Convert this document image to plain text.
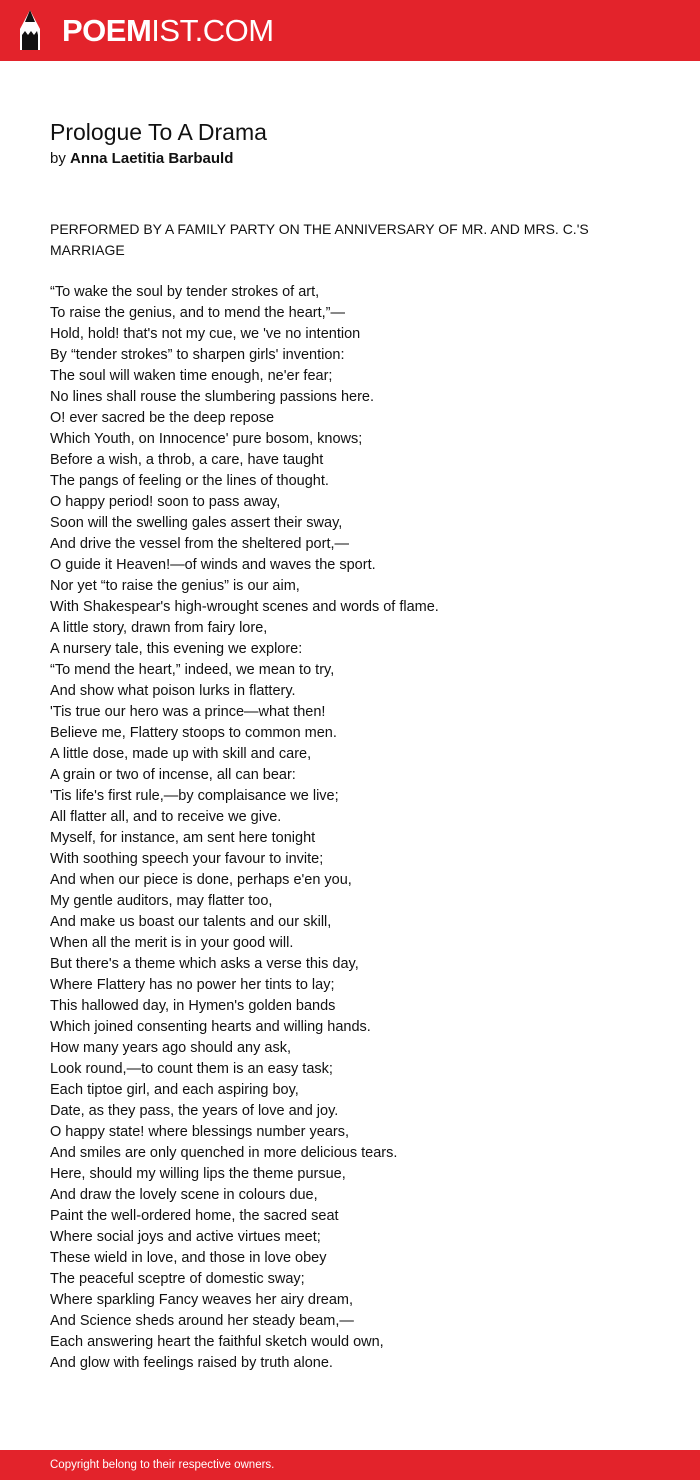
POEMIST.COM
Prologue To A Drama
by Anna Laetitia Barbauld

PERFORMED BY A FAMILY PARTY ON THE ANNIVERSARY OF MR. AND MRS. C.'S MARRIAGE

“To wake the soul by tender strokes of art,
To raise the genius, and to mend the heart,”—
Hold, hold! that's not my cue, we 've no intention
By “tender strokes” to sharpen girls' invention:
The soul will waken time enough, ne'er fear;
No lines shall rouse the slumbering passions here.
O! ever sacred be the deep repose
Which Youth, on Innocence' pure bosom, knows;
Before a wish, a throb, a care, have taught
The pangs of feeling or the lines of thought.
O happy period! soon to pass away,
Soon will the swelling gales assert their sway,
And drive the vessel from the sheltered port,—
O guide it Heaven!—of winds and waves the sport.
Nor yet “to raise the genius” is our aim,
With Shakespear's high-wrought scenes and words of flame.
A little story, drawn from fairy lore,
A nursery tale, this evening we explore:
“To mend the heart,” indeed, we mean to try,
And show what poison lurks in flattery.
'Tis true our hero was a prince—what then!
Believe me, Flattery stoops to common men.
A little dose, made up with skill and care,
A grain or two of incense, all can bear:
'Tis life's first rule,—by complaisance we live;
All flatter all, and to receive we give.
Myself, for instance, am sent here tonight
With soothing speech your favour to invite;
And when our piece is done, perhaps e'en you,
My gentle auditors, may flatter too,
And make us boast our talents and our skill,
When all the merit is in your good will.
But there's a theme which asks a verse this day,
Where Flattery has no power her tints to lay;
This hallowed day, in Hymen's golden bands
Which joined consenting hearts and willing hands.
How many years ago should any ask,
Look round,—to count them is an easy task;
Each tiptoe girl, and each aspiring boy,
Date, as they pass, the years of love and joy.
O happy state! where blessings number years,
And smiles are only quenched in more delicious tears.
Here, should my willing lips the theme pursue,
And draw the lovely scene in colours due,
Paint the well-ordered home, the sacred seat
Where social joys and active virtues meet;
These wield in love, and those in love obey
The peaceful sceptre of domestic sway;
Where sparkling Fancy weaves her airy dream,
And Science sheds around her steady beam,—
Each answering heart the faithful sketch would own,
And glow with feelings raised by truth alone.
Copyright belong to their respective owners.
